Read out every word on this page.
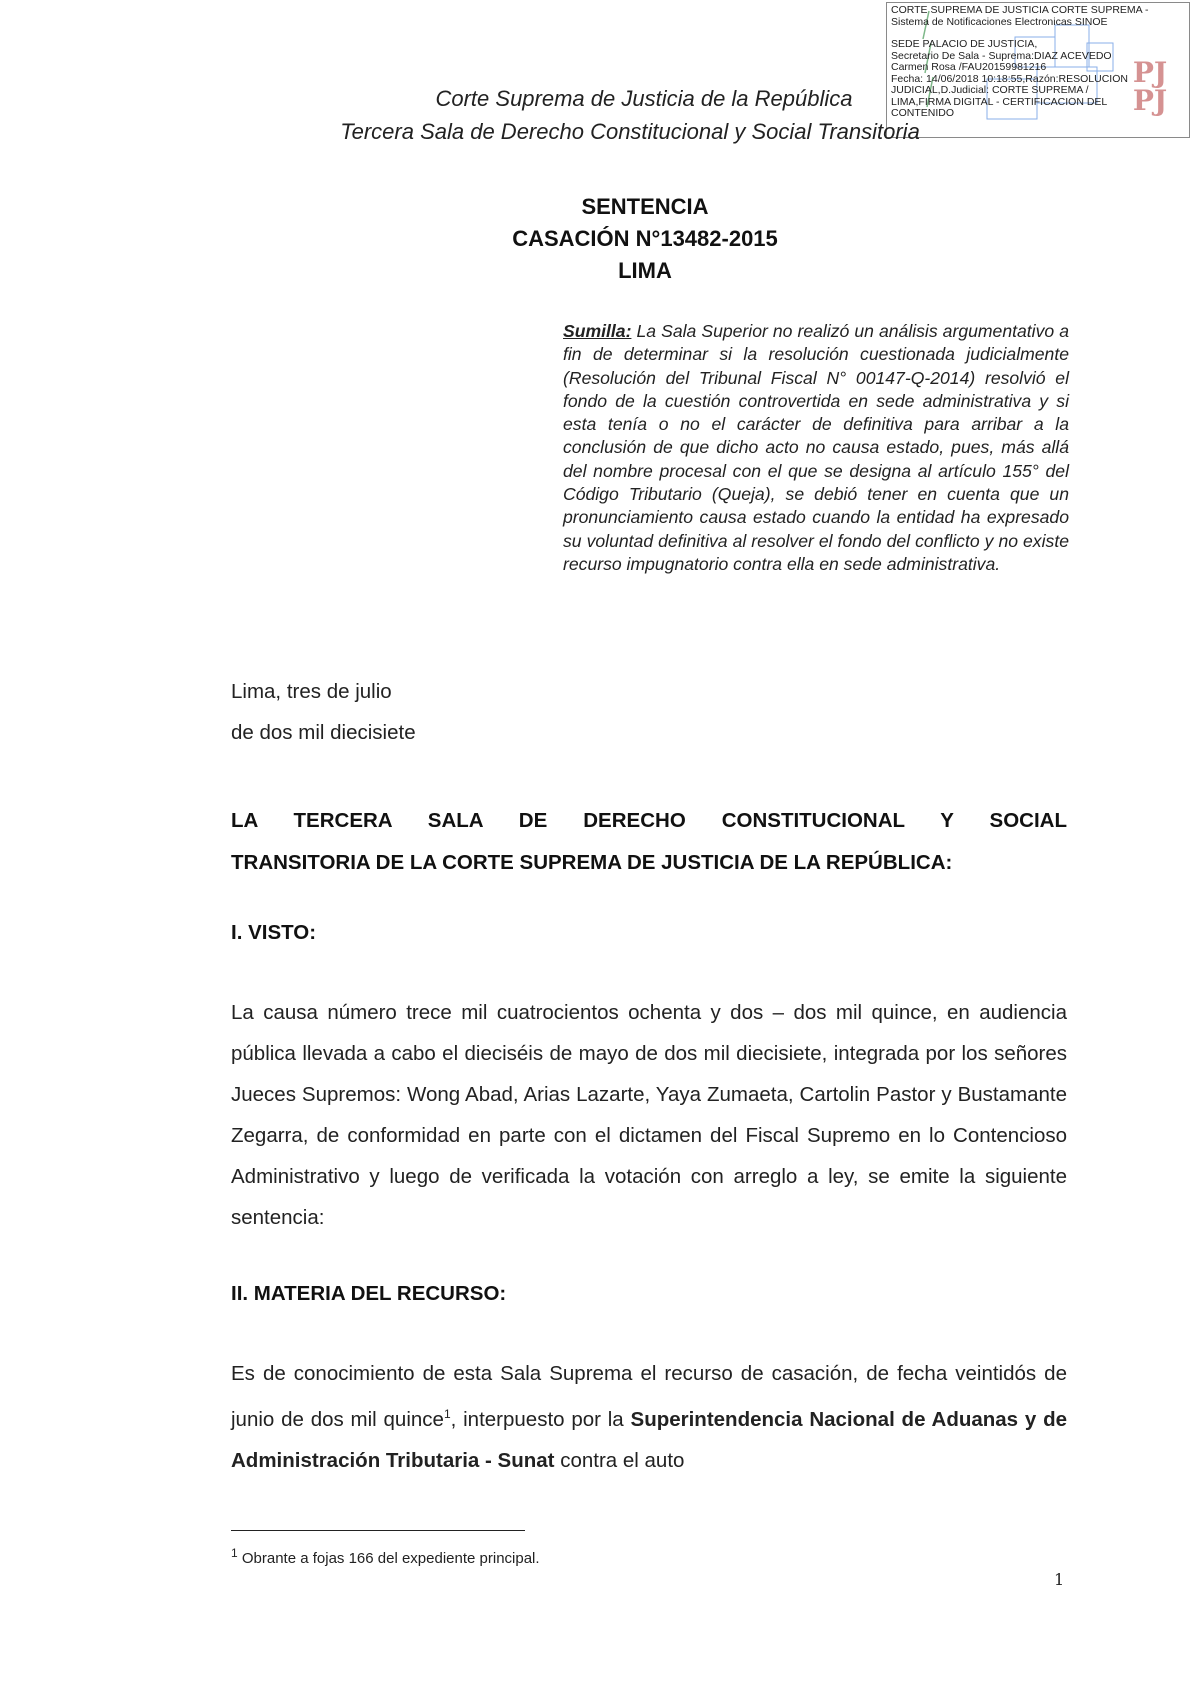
PJ
PJ
CORTE SUPREMA DE JUSTICIA CORTE SUPREMA -
Sistema de Notificaciones Electronicas SINOE
SEDE PALACIO DE JUSTICIA,
Secretario De Sala - Suprema:DIAZ ACEVEDO
Carmen Rosa /FAU20159981216
Fecha: 14/06/2018 10:18:55,Razón:RESOLUCIÓN
JUDICIAL,D.Judicial: CORTE SUPREMA /
LIMA,FIRMA DIGITAL - CERTIFICACIÓN DEL
CONTENIDO
Corte Suprema de Justicia de la República
Tercera Sala de Derecho Constitucional y Social Transitoria
SENTENCIA
CASACIÓN N°13482-2015
LIMA
Sumilla: La Sala Superior no realizó un análisis argumentativo a fin de determinar si la resolución cuestionada judicialmente (Resolución del Tribunal Fiscal N° 00147-Q-2014) resolvió el fondo de la cuestión controvertida en sede administrativa y si esta tenía o no el carácter de definitiva para arribar a la conclusión de que dicho acto no causa estado, pues, más allá del nombre procesal con el que se designa al artículo 155° del Código Tributario (Queja), se debió tener en cuenta que un pronunciamiento causa estado cuando la entidad ha expresado su voluntad definitiva al resolver el fondo del conflicto y no existe recurso impugnatorio contra ella en sede administrativa.
Lima, tres de julio
de dos mil diecisiete
LA TERCERA SALA DE DERECHO CONSTITUCIONAL Y SOCIAL
TRANSITORIA DE LA CORTE SUPREMA DE JUSTICIA DE LA REPÚBLICA:
I. VISTO:
La causa número trece mil cuatrocientos ochenta y dos – dos mil quince, en audiencia pública llevada a cabo el dieciséis de mayo de dos mil diecisiete, integrada por los señores Jueces Supremos: Wong Abad, Arias Lazarte, Yaya Zumaeta, Cartolin Pastor y Bustamante Zegarra, de conformidad en parte con el dictamen del Fiscal Supremo en lo Contencioso Administrativo y luego de verificada la votación con arreglo a ley, se emite la siguiente sentencia:
II. MATERIA DEL RECURSO:
Es de conocimiento de esta Sala Suprema el recurso de casación, de fecha veintidós de junio de dos mil quince$^1$, interpuesto por la Superintendencia Nacional de Aduanas y de Administración Tributaria - Sunat contra el auto
$^1$ Obrante a fojas 166 del expediente principal.
1
